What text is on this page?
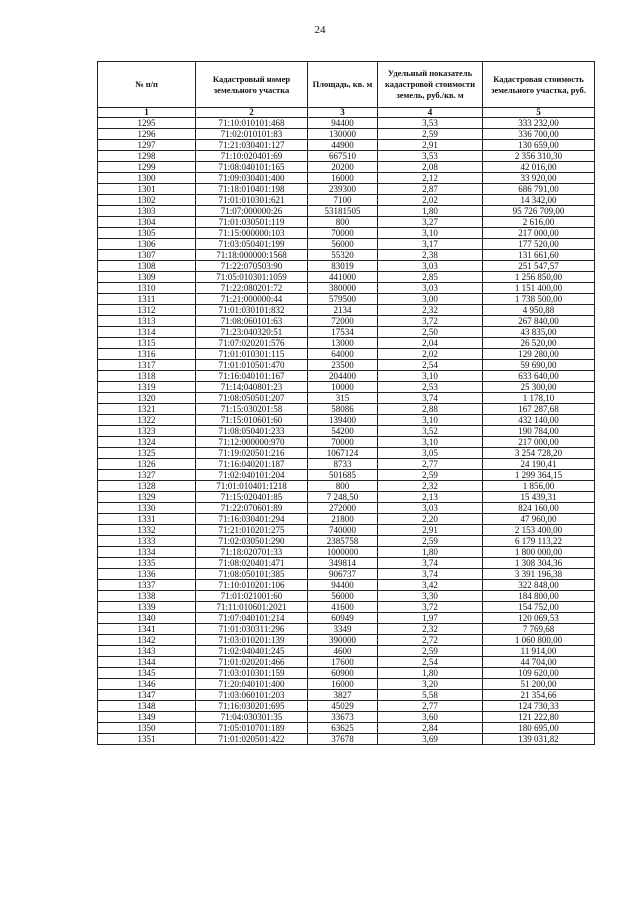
24
№ п/п	Кадастровый номер земельного участка	Площадь, кв. м	Удельный показатель кадастровой стоимости земель, руб./кв. м	Кадастровая стоимость земельного участка, руб.
1	2	3	4	5
1295	71:10:010101:468	94400	3,53	333 232,00
1296	71:02:010101:83	130000	2,59	336 700,00
1297	71:21:030401:127	44900	2,91	130 659,00
1298	71:10:020401:69	667510	3,53	2 356 310,30
1299	71:08:040101:165	20200	2,08	42 016,00
1300	71:09:030401:400	16000	2,12	33 920,00
1301	71:18:010401:198	239300	2,87	686 791,00
1302	71:01:010301:621	7100	2,02	14 342,00
1303	71:07:000000:26	53181505	1,80	95 726 709,00
1304	71:01:030501:119	800	3,27	2 616,00
1305	71:15:000000:103	70000	3,10	217 000,00
1306	71:03:050401:199	56000	3,17	177 520,00
1307	71:18:000000:1568	55320	2,38	131 661,60
1308	71:22:070503:90	83019	3,03	251 547,57
1309	71:05:010301:1059	441000	2,85	1 256 850,00
1310	71:22:080201:72	380000	3,03	1 151 400,00
1311	71:21:000000:44	579500	3,00	1 738 500,00
1312	71:01:030101:832	2134	2,32	4 950,88
1313	71:08:060101:63	72000	3,72	267 840,00
1314	71:23:040320:51	17534	2,50	43 835,00
1315	71:07:020201:576	13000	2,04	26 520,00
1316	71:01:010301:115	64000	2,02	129 280,00
1317	71:01:010501:470	23500	2,54	59 690,00
1318	71:16:040101:167	204400	3,10	633 640,00
1319	71:14:040801:23	10000	2,53	25 300,00
1320	71:08:050501:207	315	3,74	1 178,10
1321	71:15:030201:58	58086	2,88	167 287,68
1322	71:15:010601:60	139400	3,10	432 140,00
1323	71:08:050401:233	54200	3,52	190 784,00
1324	71:12:000000:970	70000	3,10	217 000,00
1325	71:19:020501:216	1067124	3,05	3 254 728,20
1326	71:16:040201:187	8733	2,77	24 190,41
1327	71:02:040101:204	501685	2,59	1 299 364,15
1328	71:01:010401:1218	800	2,32	1 856,00
1329	71:15:020401:85	7 248,50	2,13	15 439,31
1330	71:22:070601:89	272000	3,03	824 160,00
1331	71:16:030401:294	21800	2,20	47 960,00
1332	71:21:010201:275	740000	2,91	2 153 400,00
1333	71:02:030501:290	2385758	2,59	6 179 113,22
1334	71:18:020701:33	1000000	1,80	1 800 000,00
1335	71:08:020401:471	349814	3,74	1 308 304,36
1336	71:08:050101:385	906737	3,74	3 391 196,38
1337	71:10:010201:106	94400	3,42	322 848,00
1338	71:01:021001:60	56000	3,30	184 800,00
1339	71:11:010601:2021	41600	3,72	154 752,00
1340	71:07:040101:214	60949	1,97	120 069,53
1341	71:01:030311:296	3349	2,32	7 769,68
1342	71:03:010201:139	390000	2,72	1 060 800,00
1343	71:02:040401:245	4600	2,59	11 914,00
1344	71:01:020201:466	17600	2,54	44 704,00
1345	71:03:010301:159	60900	1,80	109 620,00
1346	71:20:040101:400	16000	3,20	51 200,00
1347	71:03:060101:203	3827	5,58	21 354,66
1348	71:16:030201:695	45029	2,77	124 730,33
1349	71:04:030301:35	33673	3,60	121 222,80
1350	71:05:010701:189	63625	2,84	180 695,00
1351	71:01:020501:422	37678	3,69	139 031,82
